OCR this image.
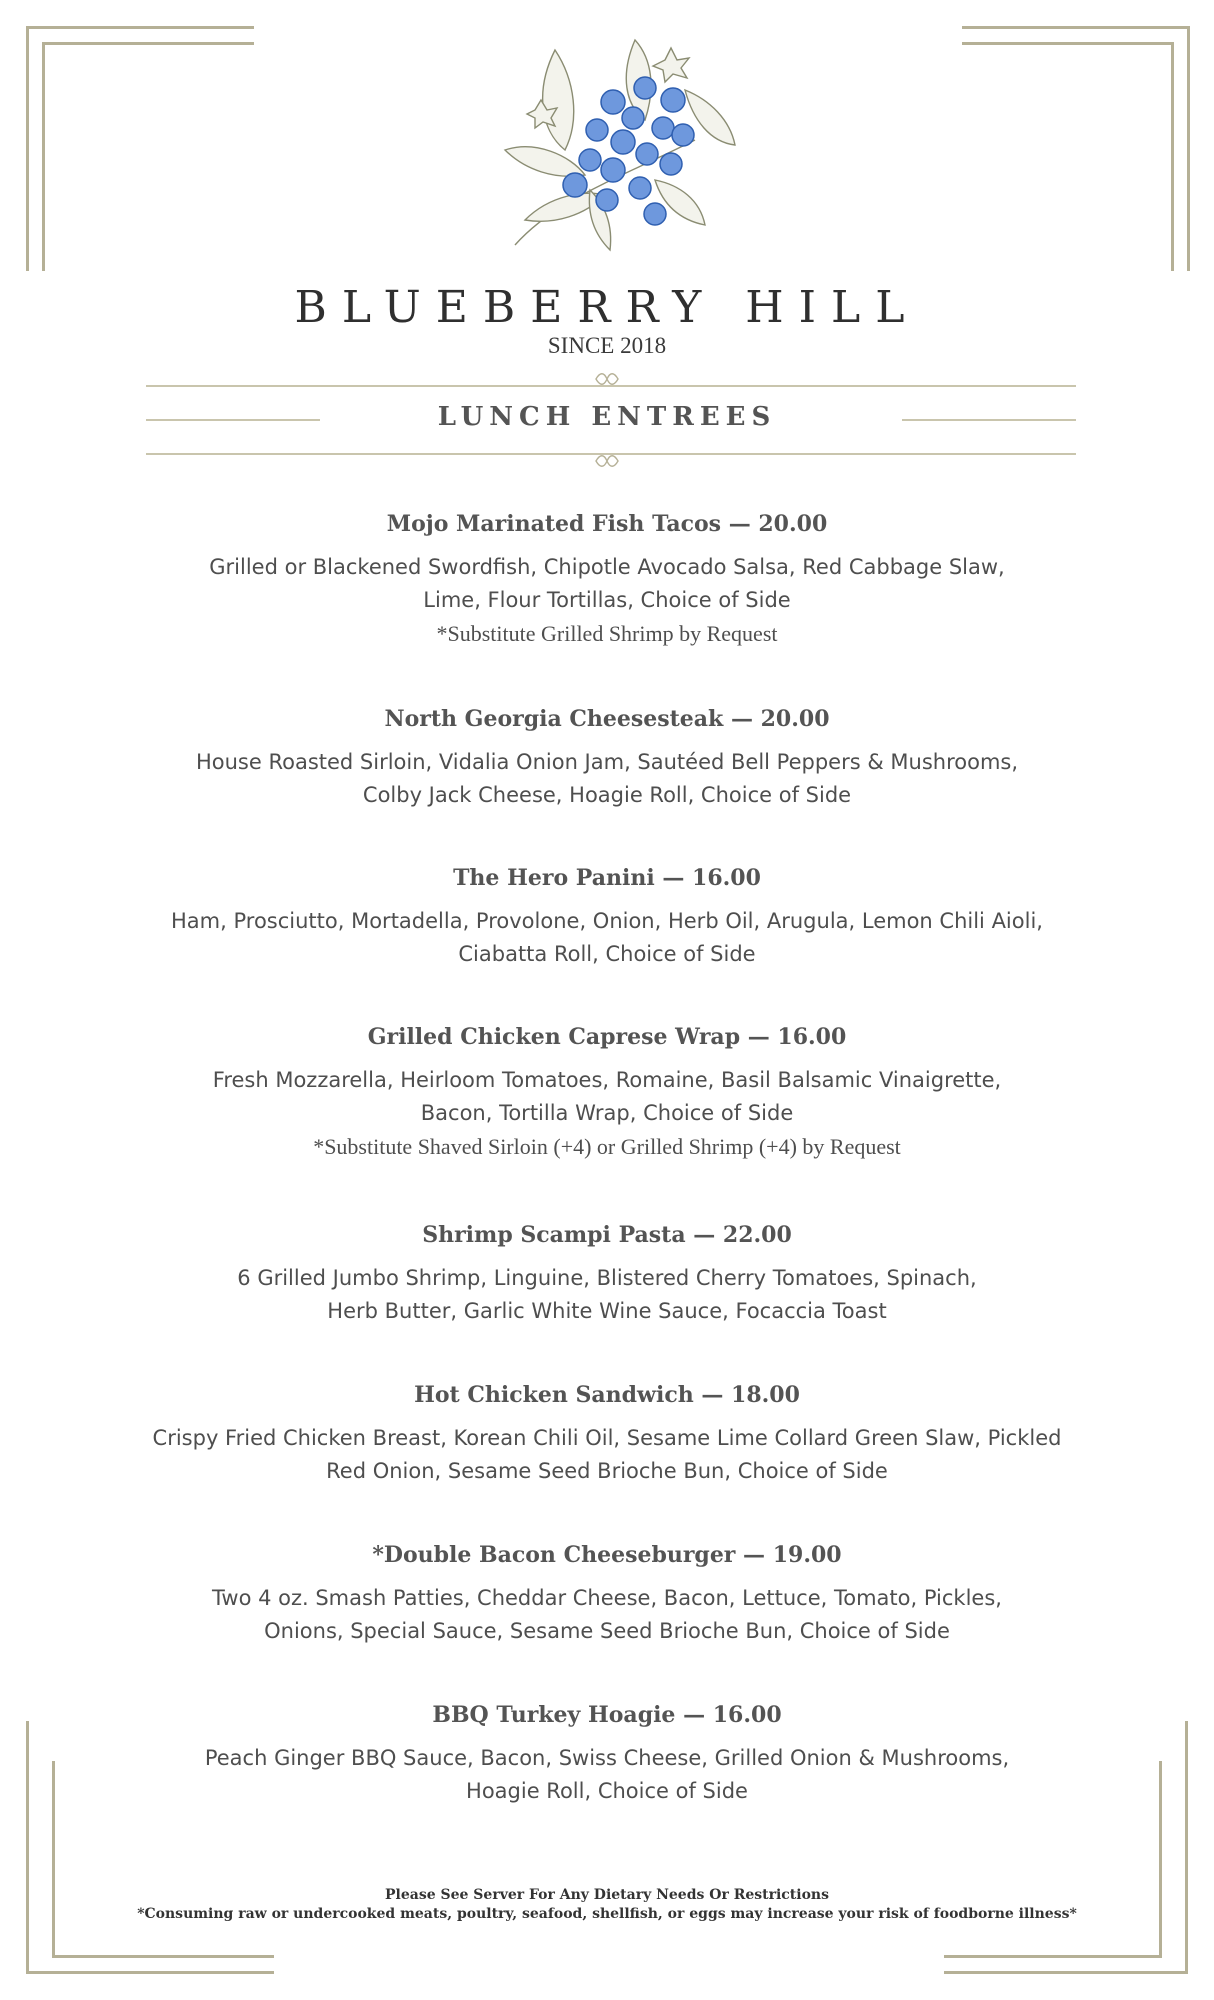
BLUEBERRY HILL
SINCE 2018
LUNCH ENTREES
Mojo Marinated Fish Tacos — 20.00
Grilled or Blackened Swordfish, Chipotle Avocado Salsa, Red Cabbage Slaw,
Lime, Flour Tortillas, Choice of Side
*Substitute Grilled Shrimp by Request
North Georgia Cheesesteak — 20.00
House Roasted Sirloin, Vidalia Onion Jam, Sautéed Bell Peppers & Mushrooms,
Colby Jack Cheese, Hoagie Roll, Choice of Side
The Hero Panini — 16.00
Ham, Prosciutto, Mortadella, Provolone, Onion, Herb Oil, Arugula, Lemon Chili Aioli,
Ciabatta Roll, Choice of Side
Grilled Chicken Caprese Wrap — 16.00
Fresh Mozzarella, Heirloom Tomatoes, Romaine, Basil Balsamic Vinaigrette,
Bacon, Tortilla Wrap, Choice of Side
*Substitute Shaved Sirloin (+4) or Grilled Shrimp (+4) by Request
Shrimp Scampi Pasta — 22.00
6 Grilled Jumbo Shrimp, Linguine, Blistered Cherry Tomatoes, Spinach,
Herb Butter, Garlic White Wine Sauce, Focaccia Toast
Hot Chicken Sandwich — 18.00
Crispy Fried Chicken Breast, Korean Chili Oil, Sesame Lime Collard Green Slaw, Pickled
Red Onion, Sesame Seed Brioche Bun, Choice of Side
*Double Bacon Cheeseburger — 19.00
Two 4 oz. Smash Patties, Cheddar Cheese, Bacon, Lettuce, Tomato, Pickles,
Onions, Special Sauce, Sesame Seed Brioche Bun, Choice of Side
BBQ Turkey Hoagie — 16.00
Peach Ginger BBQ Sauce, Bacon, Swiss Cheese, Grilled Onion & Mushrooms,
Hoagie Roll, Choice of Side
Please See Server For Any Dietary Needs Or Restrictions
*Consuming raw or undercooked meats, poultry, seafood, shellfish, or eggs may increase your risk of foodborne illness*
